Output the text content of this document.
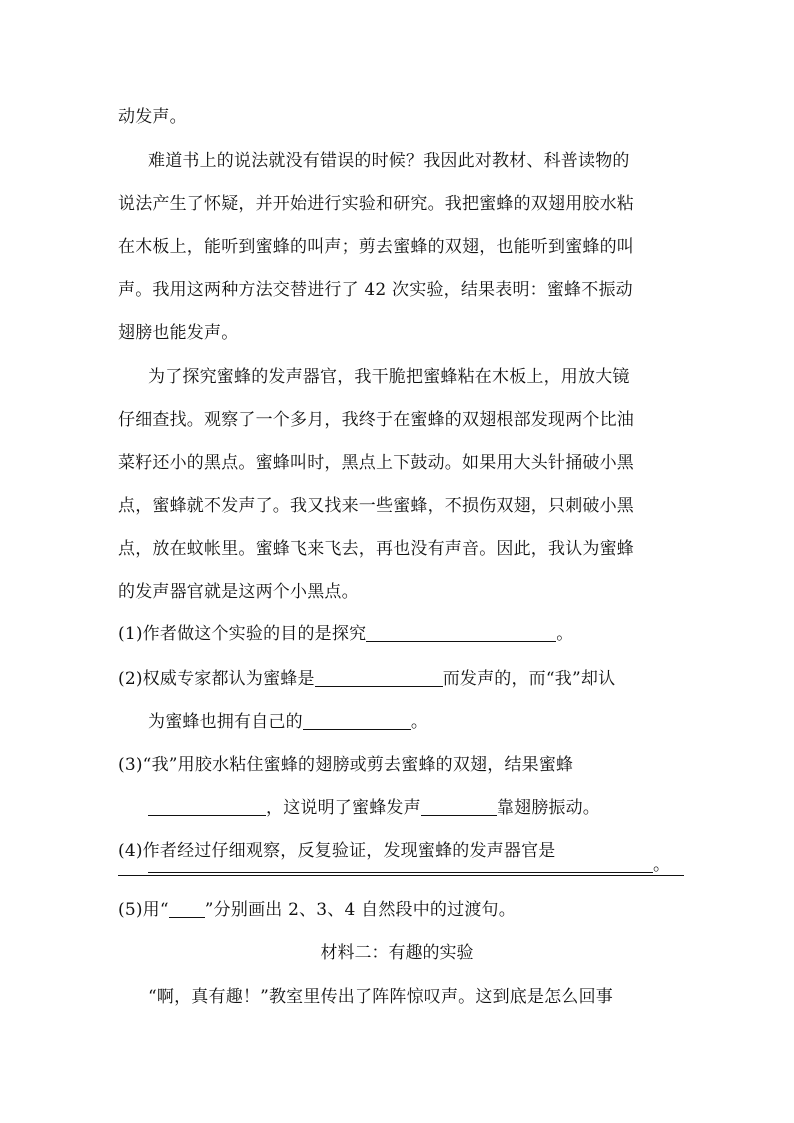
动发声。
难道书上的说法就没有错误的时候？我因此对教材、科普读物的
说法产生了怀疑，并开始进行实验和研究。我把蜜蜂的双翅用胶水粘
在木板上，能听到蜜蜂的叫声；剪去蜜蜂的双翅，也能听到蜜蜂的叫
声。我用这两种方法交替进行了 42 次实验，结果表明：蜜蜂不振动
翅膀也能发声。
为了探究蜜蜂的发声器官，我干脆把蜜蜂粘在木板上，用放大镜
仔细查找。观察了一个多月，我终于在蜜蜂的双翅根部发现两个比油
菜籽还小的黑点。蜜蜂叫时，黑点上下鼓动。如果用大头针捅破小黑
点，蜜蜂就不发声了。我又找来一些蜜蜂，不损伤双翅，只刺破小黑
点，放在蚊帐里。蜜蜂飞来飞去，再也没有声音。因此，我认为蜜蜂
的发声器官就是这两个小黑点。
(1)作者做这个实验的目的是探究	。
(2)权威专家都认为蜜蜂是	而发声的，而“我”却认
为蜜蜂也拥有自己的	。
(3)“我”用胶水粘住蜜蜂的翅膀或剪去蜜蜂的双翅，结果蜜蜂
，这说明了蜜蜂发声	靠翅膀振动。
(4)作者经过仔细观察，反复验证，发现蜜蜂的发声器官是
。
(5)用“ ”分别画出 2、3、4 自然段中的过渡句。
材料二：有趣的实验
“啊，真有趣！”教室里传出了阵阵惊叹声。这到底是怎么回事
